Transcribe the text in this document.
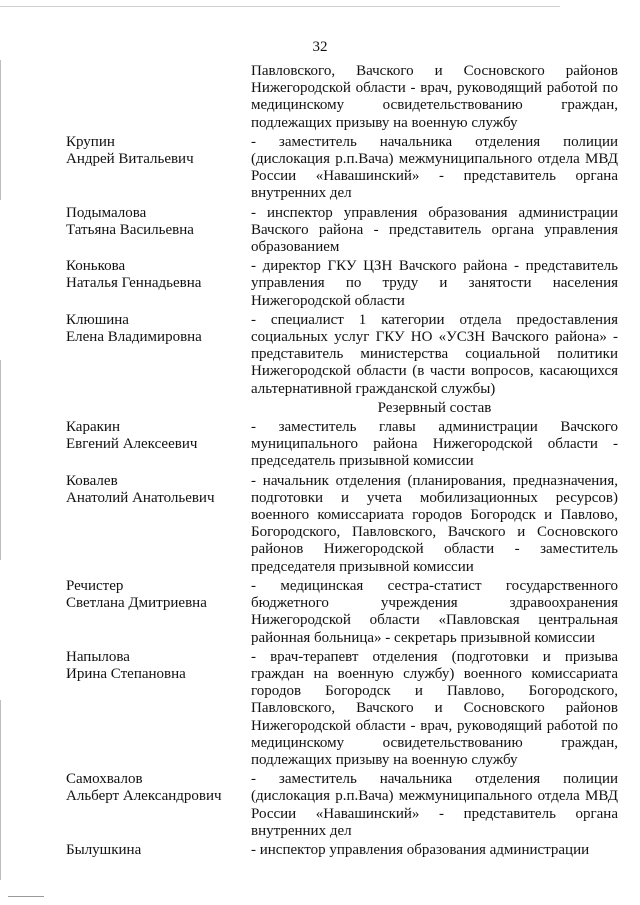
32
Павловского, Вачского и Сосновского районов Нижегородской области - врач, руководящий работой по медицинскому освидетельствованию граждан, подлежащих призыву на военную службу
Крупин
Андрей Витальевич
- заместитель начальника отделения полиции (дислокация р.п.Вача) межмуниципального отдела МВД России «Навашинский» - представитель органа внутренних дел
Подымалова
Татьяна Васильевна
- инспектор управления образования администрации Вачского района - представитель органа управления образованием
Конькова
Наталья Геннадьевна
- директор ГКУ ЦЗН Вачского района - представитель управления по труду и занятости населения Нижегородской области
Клюшина
Елена Владимировна
- специалист 1 категории отдела предоставления социальных услуг ГКУ НО «УСЗН Вачского района» - представитель министерства социальной политики Нижегородской области (в части вопросов, касающихся альтернативной гражданской службы)
Резервный состав
Каракин
Евгений Алексеевич
- заместитель главы администрации Вачского муниципального района Нижегородской области - председатель призывной комиссии
Ковалев
Анатолий Анатольевич
- начальник отделения (планирования, предназначения, подготовки и учета мобилизационных ресурсов) военного комиссариата городов Богородск и Павлово, Богородского, Павловского, Вачского и Сосновского районов Нижегородской области - заместитель председателя призывной комиссии
Речистер
Светлана Дмитриевна
- медицинская сестра-статист государственного бюджетного учреждения здравоохранения Нижегородской области «Павловская центральная районная больница» - секретарь призывной комиссии
Напылова
Ирина Степановна
- врач-терапевт отделения (подготовки и призыва граждан на военную службу) военного комиссариата городов Богородск и Павлово, Богородского, Павловского, Вачского и Сосновского районов Нижегородской области - врач, руководящий работой по медицинскому освидетельствованию граждан, подлежащих призыву на военную службу
Самохвалов
Альберт Александрович
- заместитель начальника отделения полиции (дислокация р.п.Вача) межмуниципального отдела МВД России «Навашинский» - представитель органа внутренних дел
Былушкина	- инспектор управления образования администрации
